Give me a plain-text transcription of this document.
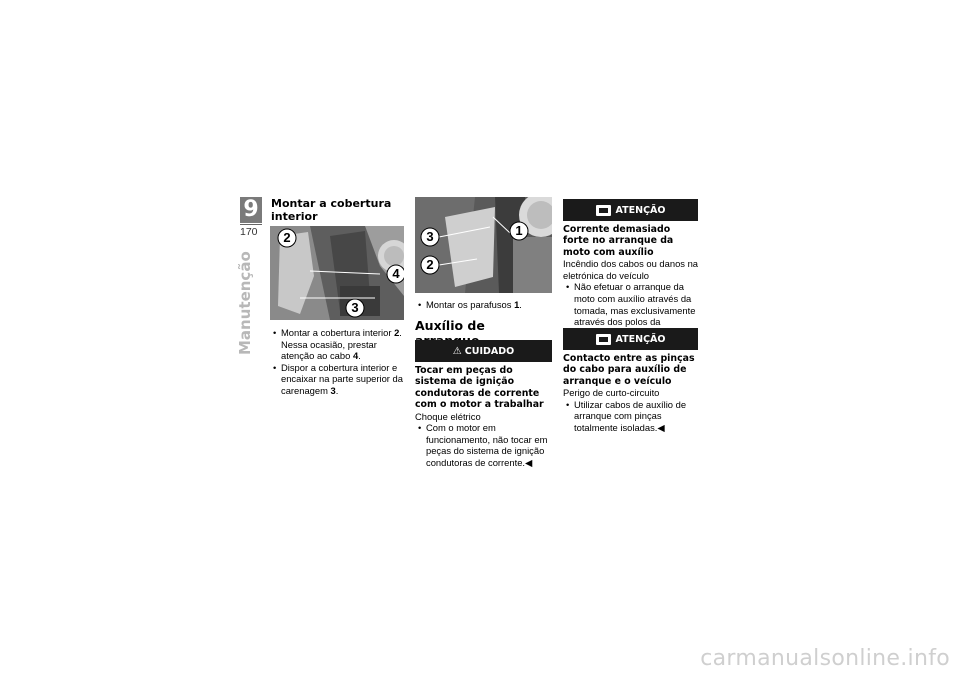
9
170
Manutenção
Montar a cobertura interior
2
4
3

• Montar a cobertura interior 2. Nessa ocasião, prestar atenção ao cabo 4.

• Dispor a cobertura interior e encaixar na parte superior da carenagem 3.

3	1
2

• Montar os parafusos 1.

Auxílio de
⚠ CUIDADO
Tocar em peças do sistema de ignição condutoras de corrente com o motor a trabalhar
Choque elétrico

• Com o motor em funcionamento, não tocar em peças do sistema de ignição condutoras de corrente.◀

ATENÇÃO
Corrente demasiado forte no arranque da moto com auxílio
Incêndio dos cabos ou danos na eletrónica do veículo

• Não efetuar o arranque da moto com auxílio através da tomada, mas exclusivamente através dos polos da

ATENÇÃO
Contacto entre as pinças do cabo para auxílio de arranque e o veículo
Perigo de curto-circuito

• Utilizar cabos de auxílio de arranque com pinças totalmente isoladas.◀

carmanualsonline.info
